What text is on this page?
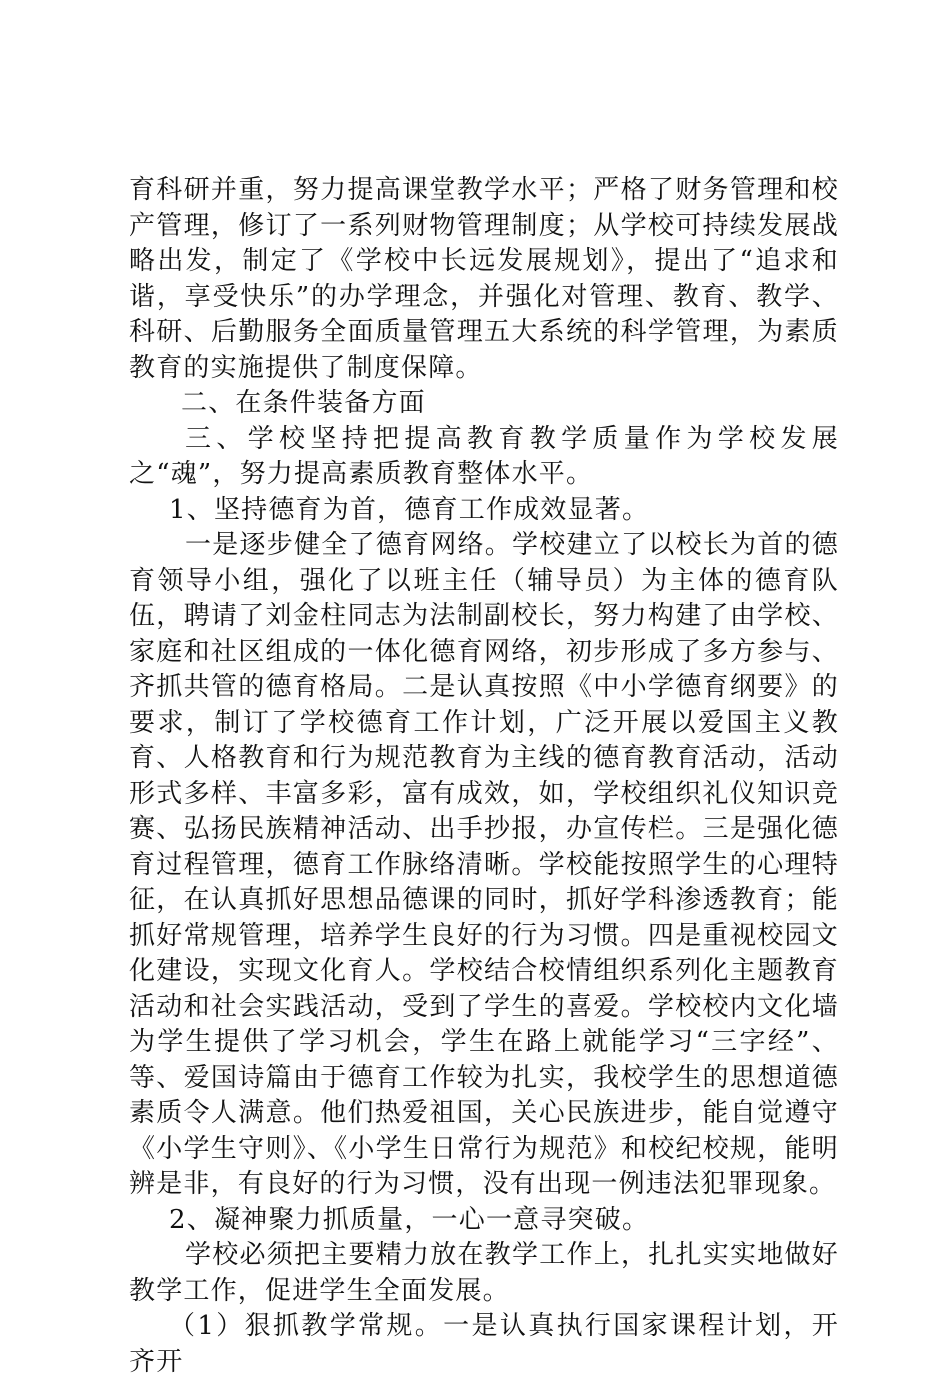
育科研并重，努力提高课堂教学水平；严格了财务管理和校产管理，修订了一系列财物管理制度；从学校可持续发展战略出发，制定了《学校中长远发展规划》，提出了“追求和谐，享受快乐”的办学理念，并强化对管理、教育、教学、科研、后勤服务全面质量管理五大系统的科学管理，为素质教育的实施提供了制度保障。

二、在条件装备方面

三、学校坚持把提高教育教学质量作为学校发展之“魂”，努力提高素质教育整体水平。

1、坚持德育为首，德育工作成效显著。

一是逐步健全了德育网络。学校建立了以校长为首的德育领导小组，强化了以班主任（辅导员）为主体的德育队伍，聘请了刘金柱同志为法制副校长，努力构建了由学校、家庭和社区组成的一体化德育网络，初步形成了多方参与、齐抓共管的德育格局。二是认真按照《中小学德育纲要》的要求，制订了学校德育工作计划，广泛开展以爱国主义教育、人格教育和行为规范教育为主线的德育教育活动，活动形式多样、丰富多彩，富有成效，如，学校组织礼仪知识竞赛、弘扬民族精神活动、出手抄报，办宣传栏。三是强化德育过程管理，德育工作脉络清晰。学校能按照学生的心理特征，在认真抓好思想品德课的同时，抓好学科渗透教育；能抓好常规管理，培养学生良好的行为习惯。四是重视校园文化建设，实现文化育人。学校结合校情组织系列化主题教育活动和社会实践活动，受到了学生的喜爱。学校校内文化墙为学生提供了学习机会，学生在路上就能学习“三字经”、等、爱国诗篇由于德育工作较为扎实，我校学生的思想道德素质令人满意。他们热爱祖国，关心民族进步，能自觉遵守《小学生守则》、《小学生日常行为规范》和校纪校规，能明辨是非，有良好的行为习惯，没有出现一例违法犯罪现象。

2、凝神聚力抓质量，一心一意寻突破。

学校必须把主要精力放在教学工作上，扎扎实实地做好教学工作，促进学生全面发展。

（1）狠抓教学常规。一是认真执行国家课程计划，开齐开
